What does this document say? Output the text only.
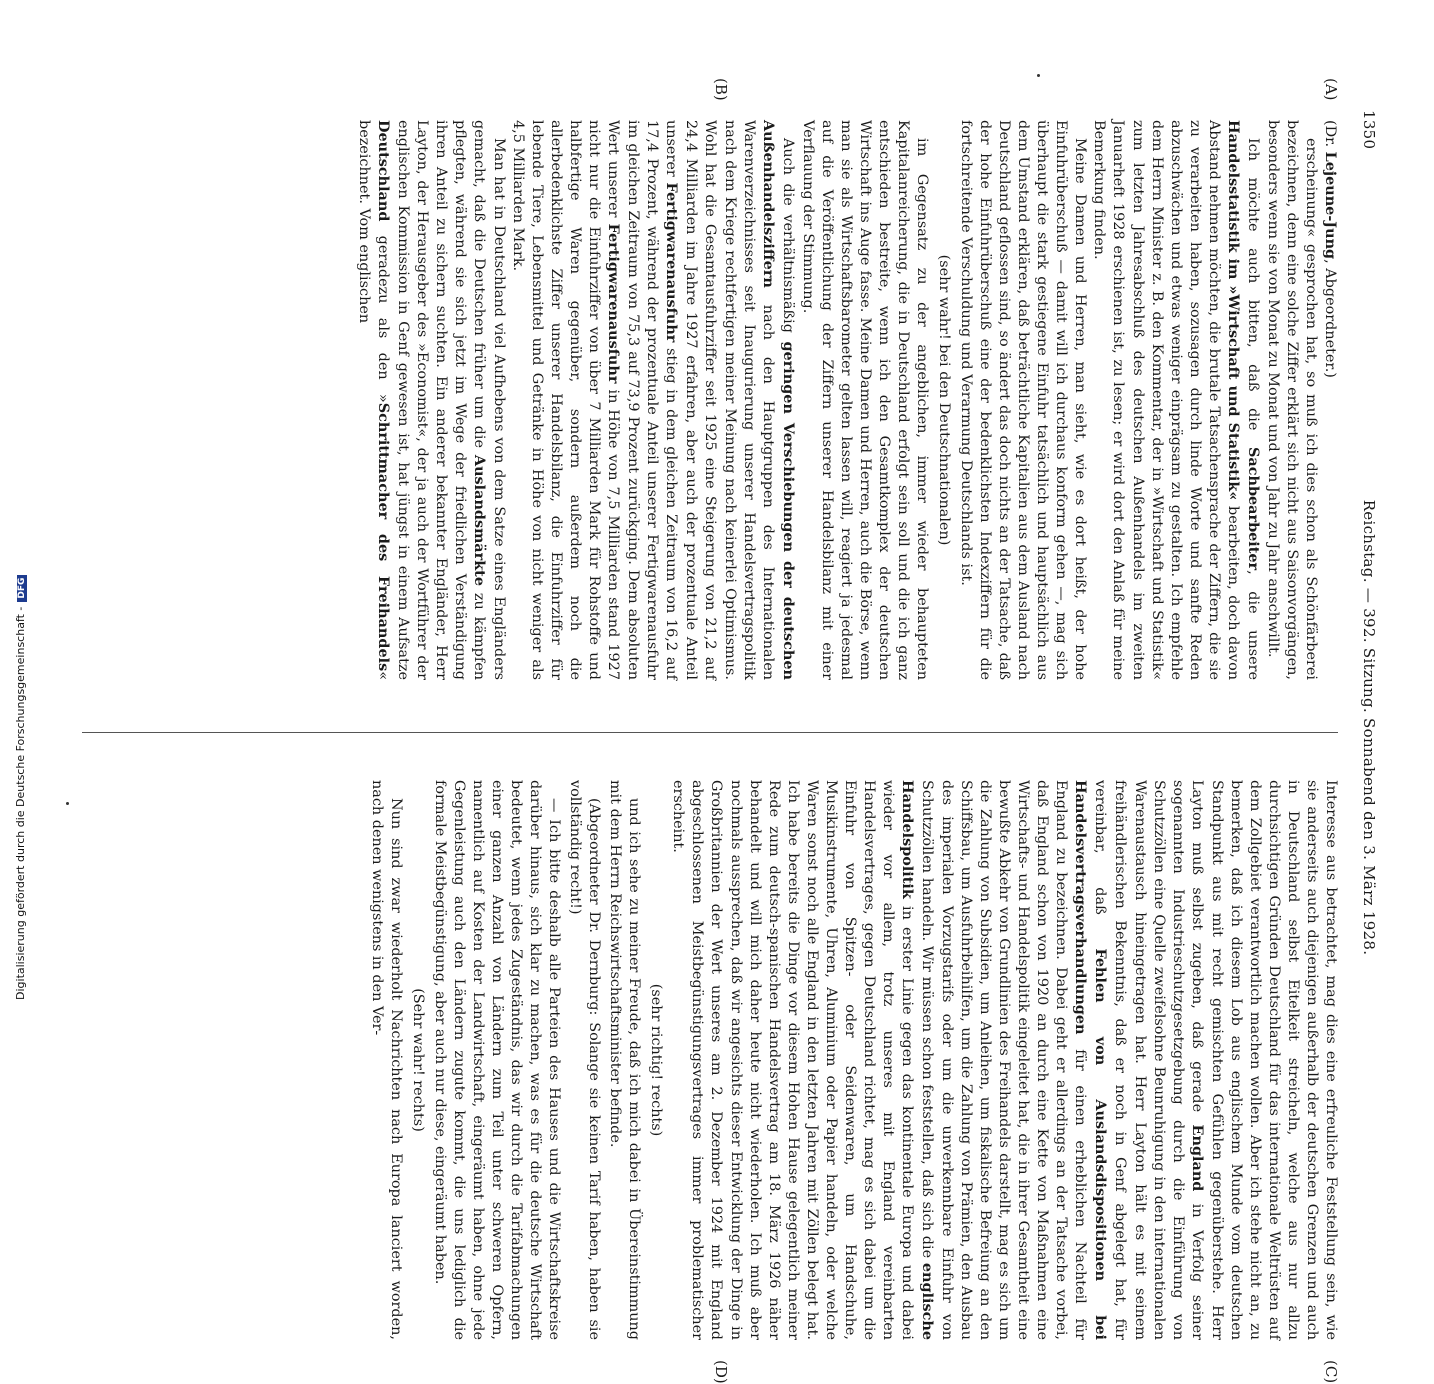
1350
Reichstag. — 392. Sitzung. Sonnabend den 3. März 1928.
(A)
(B)
(C)
(D)

(Dr. Lejeune-Jung, Abgeordneter.)

erscheinung« gesprochen hat, so muß ich dies schon als Schönfärberei bezeichnen, denn eine solche Ziffer erklärt sich nicht aus Saisonvorgängen, besonders wenn sie von Monat zu Monat und von Jahr zu Jahr anschwillt.

Ich möchte auch bitten, daß die Sachbearbeiter, die unsere Handelsstatistik im »Wirtschaft und Statistik« bearbeiten, doch davon Abstand nehmen möchten, die brutale Tatsachensprache der Ziffern, die sie zu verarbeiten haben, sozusagen durch linde Worte und sanfte Reden abzuschwächen und etwas weniger einprägsam zu gestalten. Ich empfehle dem Herrn Minister z. B. den Kommentar, der in »Wirtschaft und Statistik« zum letzten Jahresabschluß des deutschen Außenhandels im zweiten Januarheft 1928 erschienen ist, zu lesen; er wird dort den Anlaß für meine Bemerkung finden.

Meine Damen und Herren, man sieht, wie es dort heißt, der hohe Einfuhrüberschuß — damit will ich durchaus konform gehen —, mag sich überhaupt die stark gestiegene Einfuhr tatsächlich und hauptsächlich aus dem Umstand erklären, daß beträchtliche Kapitalien aus dem Ausland nach Deutschland geflossen sind, so ändert das doch nichts an der Tatsache, daß der hohe Einfuhrüberschuß eine der bedenklichsten Indexziffern für die fortschreitende Verschuldung und Verarmung Deutschlands ist.

(sehr wahr! bei den Deutschnationalen)

im Gegensatz zu der angeblichen, immer wieder behaupteten Kapitalanreicherung, die in Deutschland erfolgt sein soll und die ich ganz entschieden bestreite, wenn ich den Gesamtkomplex der deutschen Wirtschaft ins Auge fasse. Meine Damen und Herren, auch die Börse, wenn man sie als Wirtschaftsbarometer gelten lassen will, reagiert ja jedesmal auf die Veröffentlichung der Ziffern unserer Handelsbilanz mit einer Verflauung der Stimmung.

Auch die verhältnismäßig geringen Verschiebungen der deutschen Außenhandelsziffern nach den Hauptgruppen des Internationalen Warenverzeichnisses seit Inaugurierung unserer Handelsvertragspolitik nach dem Kriege rechtfertigen meiner Meinung nach keinerlei Optimismus. Wohl hat die Gesamtausfuhrziffer seit 1925 eine Steigerung von 21,2 auf 24,4 Milliarden im Jahre 1927 erfahren, aber auch der prozentuale Anteil unserer Fertigwarenausfuhr stieg in dem gleichen Zeitraum von 16,2 auf 17,4 Prozent, während der prozentuale Anteil unserer Fertigwarenausfuhr im gleichen Zeitraum von 75,3 auf 73,9 Prozent zurückging. Dem absoluten Wert unserer Fertigwarenausfuhr in Höhe von 7,5 Milliarden stand 1927 nicht nur die Einfuhrziffer von über 7 Milliarden Mark für Rohstoffe und halbfertige Waren gegenüber, sondern außerdem noch die allerbedenklichste Ziffer unserer Handelsbilanz, die Einfuhrziffer für lebende Tiere, Lebensmittel und Getränke in Höhe von nicht weniger als 4,5 Milliarden Mark.

Man hat in Deutschland viel Aufhebens von dem Satze eines Engländers gemacht, daß die Deutschen früher um die Auslandsmärkte zu kämpfen pflegten, während sie sich jetzt im Wege der friedlichen Verständigung ihren Anteil zu sichern suchten. Ein anderer bekannter Engländer, Herr Layton, der Herausgeber des »Economist«, der ja auch der Wortführer der englischen Kommission in Genf gewesen ist, hat jüngst in einem Aufsatze Deutschland geradezu als den »Schrittmacher des Freihandels« bezeichnet. Vom englischen

Interesse aus betrachtet, mag dies eine erfreuliche Feststellung sein, wie sie anderseits auch diejenigen außerhalb der deutschen Grenzen und auch in Deutschland selbst Eitelkeit streicheln, welche aus nur allzu durchsichtigen Gründen Deutschland für das internationale Weltrüsten auf dem Zollgebiet verantwortlich machen wollen. Aber ich stehe nicht an, zu bemerken, daß ich diesem Lob aus englischem Munde vom deutschen Standpunkt aus mit recht gemischten Gefühlen gegenüberstehe. Herr Layton muß selbst zugeben, daß gerade England in Verfolg seiner sogenannten Industrieschutzgesetzgebung durch die Einführung von Schutzzöllen eine Quelle zweifelsohne Beunruhigung in den internationalen Warenaustausch hineingetragen hat. Herr Layton hält es mit seinem freihändlerischen Bekenntnis, daß er noch in Genf abgelegt hat, für vereinbar, daß Fehlen von Auslandsdispositionen bei Handelsvertragsverhandlungen für einen erheblichen Nachteil für England zu bezeichnen. Dabei geht er allerdings an der Tatsache vorbei, daß England schon von 1920 an durch eine Kette von Maßnahmen eine Wirtschafts- und Handelspolitik eingeleitet hat, die in ihrer Gesamtheit eine bewußte Abkehr von Grundlinien des Freihandels darstellt, mag es sich um die Zahlung von Subsidien, um Anleihen, um fiskalische Befreiung an den Schiffsbau, um Ausfuhrbeihilfen, um die Zahlung von Prämien, den Ausbau des imperialen Vorzugstarifs oder um die unverkennbare Einfuhr von Schutzzöllen handeln. Wir müssen schon feststellen, daß sich die englische Handelspolitik in erster Linie gegen das kontinentale Europa und dabei wieder vor allem, trotz unseres mit England vereinbarten Handelsvertrages, gegen Deutschland richtet, mag es sich dabei um die Einfuhr von Spitzen- oder Seidenwaren, um Handschuhe, Musikinstrumente, Uhren, Aluminium oder Papier handeln, oder welche Waren sonst noch alle England in den letzten Jahren mit Zöllen belegt hat. Ich habe bereits die Dinge vor diesem Hohen Hause gelegentlich meiner Rede zum deutsch-spanischen Handelsvertrag am 18. März 1926 näher behandelt und will mich daher heute nicht wiederholen. Ich muß aber nochmals aussprechen, daß wir angesichts dieser Entwicklung der Dinge in Großbritannien der Wert unseres am 2. Dezember 1924 mit England abgeschlossenen Meistbegünstigungsvertrages immer problematischer erscheint.

(sehr richtig! rechts)

und ich sehe zu meiner Freude, daß ich mich dabei in Übereinstimmung mit dem Herrn Reichswirtschaftsminister befinde.

(Abgeordneter Dr. Dernburg: Solange sie keinen Tarif haben, haben sie vollständig recht!)

— Ich bitte deshalb alle Parteien des Hauses und die Wirtschaftskreise darüber hinaus, sich klar zu machen, was es für die deutsche Wirtschaft bedeutet, wenn jedes Zugeständnis, das wir durch die Tarifabmachungen einer ganzen Anzahl von Ländern zum Teil unter schweren Opfern, namentlich auf Kosten der Landwirtschaft, eingeräumt haben, ohne jede Gegenleistung auch den Ländern zugute kommt, die uns lediglich die formale Meistbegünstigung, aber auch nur diese, eingeräumt haben.

(Sehr wahr! rechts)

Nun sind zwar wiederholt Nachrichten nach Europa lanciert worden, nach denen wenigstens in den Ver-

Digitalisierung gefördert durch die Deutsche Forschungsgemeinschaft -DFG
